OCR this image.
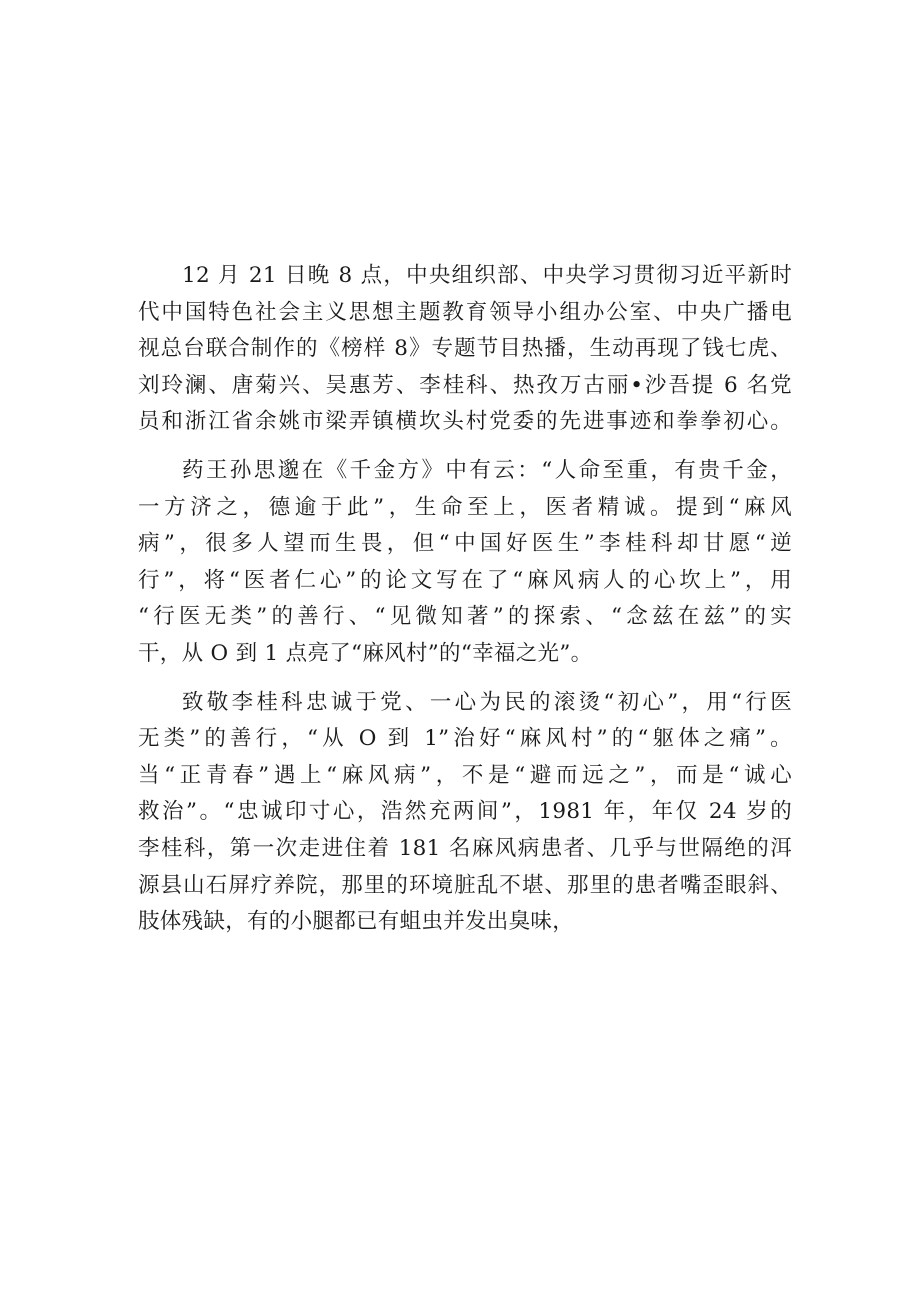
12 月 21 日晚 8 点，中央组织部、中央学习贯彻习近平新时
代中国特色社会主义思想主题教育领导小组办公室、中央广播电
视总台联合制作的《榜样 8》专题节目热播，生动再现了钱七虎、
刘玲澜、唐菊兴、吴惠芳、李桂科、热孜万古丽•沙吾提 6 名党
员和浙江省余姚市梁弄镇横坎头村党委的先进事迹和拳拳初心。
药王孙思邈在《千金方》中有云：“人命至重，有贵千金，
一方济之，德逾于此”，生命至上，医者精诚。提到“麻风
病”，很多人望而生畏，但“中国好医生”李桂科却甘愿“逆
行”，将“医者仁心”的论文写在了“麻风病人的心坎上”，用
“行医无类”的善行、“见微知著”的探索、“念兹在兹”的实
干，从 O 到 1 点亮了“麻风村”的“幸福之光”。
致敬李桂科忠诚于党、一心为民的滚烫“初心”，用“行医
无类”的善行，“从 O 到 1”治好“麻风村”的“躯体之痛”。
当“正青春”遇上“麻风病”，不是“避而远之”，而是“诚心
救治”。“忠诚印寸心，浩然充两间”，1981 年，年仅 24 岁的
李桂科，第一次走进住着 181 名麻风病患者、几乎与世隔绝的洱
源县山石屏疗养院，那里的环境脏乱不堪、那里的患者嘴歪眼斜、
肢体残缺，有的小腿都已有蛆虫并发出臭味，
